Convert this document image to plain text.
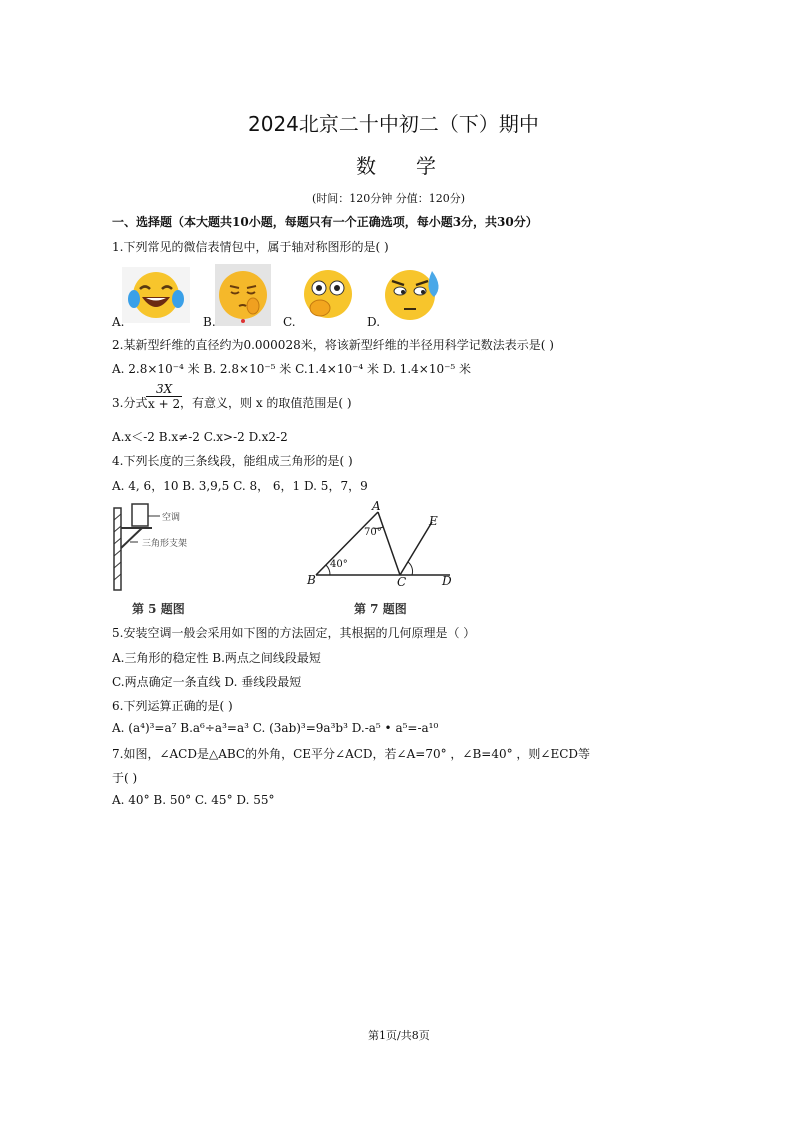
2024北京二十中初二（下）期中
数学
(时间：120分钟 分值：120分)
一、选择题（本大题共10小题，每题只有一个正确选项，每小题3分，共30分）
1.下列常见的微信表情包中，属于轴对称图形的是( )
A.	B.	C.	D.
2.某新型纤维的直径约为0.000028米，将该新型纤维的半径用科学记数法表示是( )
A. 2.8×10⁻⁴ 米 B. 2.8×10⁻⁵ 米 C.1.4×10⁻⁴ 米 D. 1.4×10⁻⁵ 米
3.分式
$\frac{3X}{x + 2}$
，有意义，则 x 的取值范围是( )
A.x＜-2 B.x≠-2 C.x>-2 D.x2-2
4.下列长度的三条线段，能组成三角形的是( )
A. 4, 6，10 B. 3,9,5 C. 8， 6，1 D. 5，7，9
空调
三角形支架
第 5 题图
A
E
70°
40°
B	C	D
第 7 题图
5.安装空调一般会采用如下图的方法固定，其根据的几何原理是（ ）
A.三角形的稳定性 B.两点之间线段最短
C.两点确定一条直线 D. 垂线段最短
6.下列运算正确的是( )
A. (a⁴)³=a⁷ B.a⁶÷a³=a³ C. (3ab)³=9a³b³ D.-a⁵ • a⁵=-a¹⁰
7.如图，∠ACD是△ABC的外角，CE平分∠ACD，若∠A=70° ，∠B=40° ，则∠ECD等
于( )
A. 40° B. 50° C. 45° D. 55°
第1页/共8页
